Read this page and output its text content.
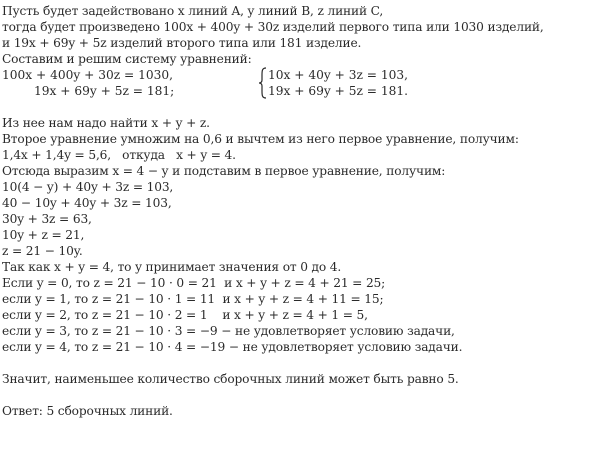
Пусть будет задействовано x линий A, y линий B, z линий C,
тогда будет произведено 100x + 400y + 30z изделий первого типа или 1030 изделий,
и 19x + 69y + 5z изделий второго типа или 181 изделие.
Составим и решим систему уравнений:
100x + 400y + 30z = 1030,
19x + 69y + 5z = 181;
10x + 40y + 3z = 103,
19x + 69y + 5z = 181.
Из нее нам надо найти x + y + z.
Второе уравнение умножим на 0,6 и вычтем из него первое уравнение, получим:
1,4x + 1,4y = 5,6,   откуда   x + y = 4.
Отсюда выразим x = 4 − y и подставим в первое уравнение, получим:
10(4 − y) + 40y + 3z = 103,
40 − 10y + 40y + 3z = 103,
30y + 3z = 63,
10y + z = 21,
z = 21 − 10y.
Так как x + y = 4, то y принимает значения от 0 до 4.
Если y = 0, то z = 21 − 10 · 0 = 21  и x + y + z = 4 + 21 = 25;
если y = 1, то z = 21 − 10 · 1 = 11  и x + y + z = 4 + 11 = 15;
если y = 2, то z = 21 − 10 · 2 = 1    и x + y + z = 4 + 1 = 5,
если y = 3, то z = 21 − 10 · 3 = −9 − не удовлетворяет условию задачи,
если y = 4, то z = 21 − 10 · 4 = −19 − не удовлетворяет условию задачи.
Значит, наименьшее количество сборочных линий может быть равно 5.
Ответ: 5 сборочных линий.
